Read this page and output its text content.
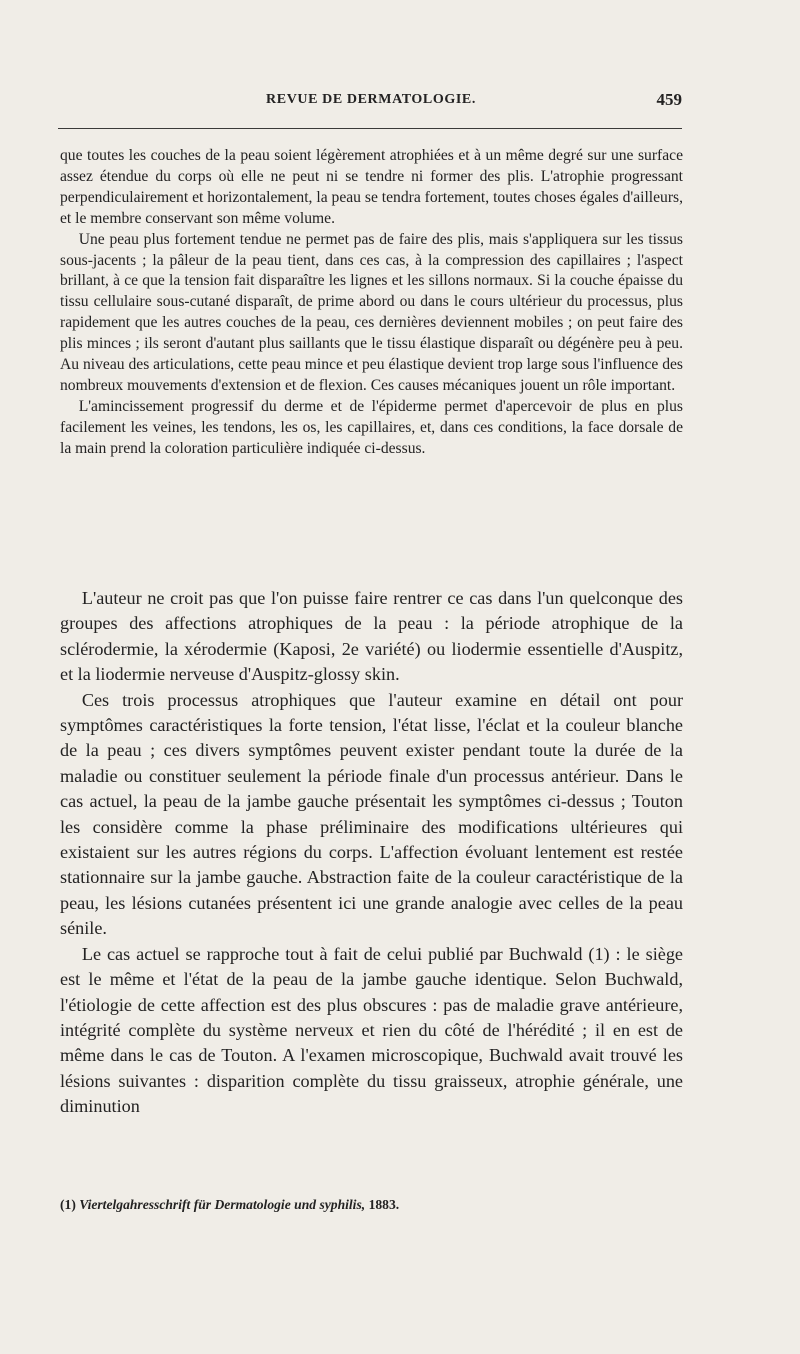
REVUE DE DERMATOLOGIE.	459

que toutes les couches de la peau soient légèrement atrophiées et à un même degré sur une surface assez étendue du corps où elle ne peut ni se tendre ni former des plis. L'atrophie progressant perpendiculairement et horizontalement, la peau se tendra fortement, toutes choses égales d'ailleurs, et le membre conservant son même volume.

Une peau plus fortement tendue ne permet pas de faire des plis, mais s'appliquera sur les tissus sous-jacents ; la pâleur de la peau tient, dans ces cas, à la compression des capillaires ; l'aspect brillant, à ce que la tension fait disparaître les lignes et les sillons normaux. Si la couche épaisse du tissu cellulaire sous-cutané disparaît, de prime abord ou dans le cours ultérieur du processus, plus rapidement que les autres couches de la peau, ces dernières deviennent mobiles ; on peut faire des plis minces ; ils seront d'autant plus saillants que le tissu élastique disparaît ou dégénère peu à peu. Au niveau des articulations, cette peau mince et peu élastique devient trop large sous l'influence des nombreux mouvements d'extension et de flexion. Ces causes mécaniques jouent un rôle important.

L'amincissement progressif du derme et de l'épiderme permet d'apercevoir de plus en plus facilement les veines, les tendons, les os, les capillaires, et, dans ces conditions, la face dorsale de la main prend la coloration particulière indiquée ci-dessus.

L'auteur ne croit pas que l'on puisse faire rentrer ce cas dans l'un quelconque des groupes des affections atrophiques de la peau : la période atrophique de la sclérodermie, la xérodermie (Kaposi, 2e variété) ou liodermie essentielle d'Auspitz, et la liodermie nerveuse d'Auspitz-glossy skin.

Ces trois processus atrophiques que l'auteur examine en détail ont pour symptômes caractéristiques la forte tension, l'état lisse, l'éclat et la couleur blanche de la peau ; ces divers symptômes peuvent exister pendant toute la durée de la maladie ou constituer seulement la période finale d'un processus antérieur. Dans le cas actuel, la peau de la jambe gauche présentait les symptômes ci-dessus ; Touton les considère comme la phase préliminaire des modifications ultérieures qui existaient sur les autres régions du corps. L'affection évoluant lentement est restée stationnaire sur la jambe gauche. Abstraction faite de la couleur caractéristique de la peau, les lésions cutanées présentent ici une grande analogie avec celles de la peau sénile.

Le cas actuel se rapproche tout à fait de celui publié par Buchwald (1) : le siège est le même et l'état de la peau de la jambe gauche identique. Selon Buchwald, l'étiologie de cette affection est des plus obscures : pas de maladie grave antérieure, intégrité complète du système nerveux et rien du côté de l'hérédité ; il en est de même dans le cas de Touton. A l'examen microscopique, Buchwald avait trouvé les lésions suivantes : disparition complète du tissu graisseux, atrophie générale, une diminution

(1) Viertelgahresschrift für Dermatologie und syphilis, 1883.
